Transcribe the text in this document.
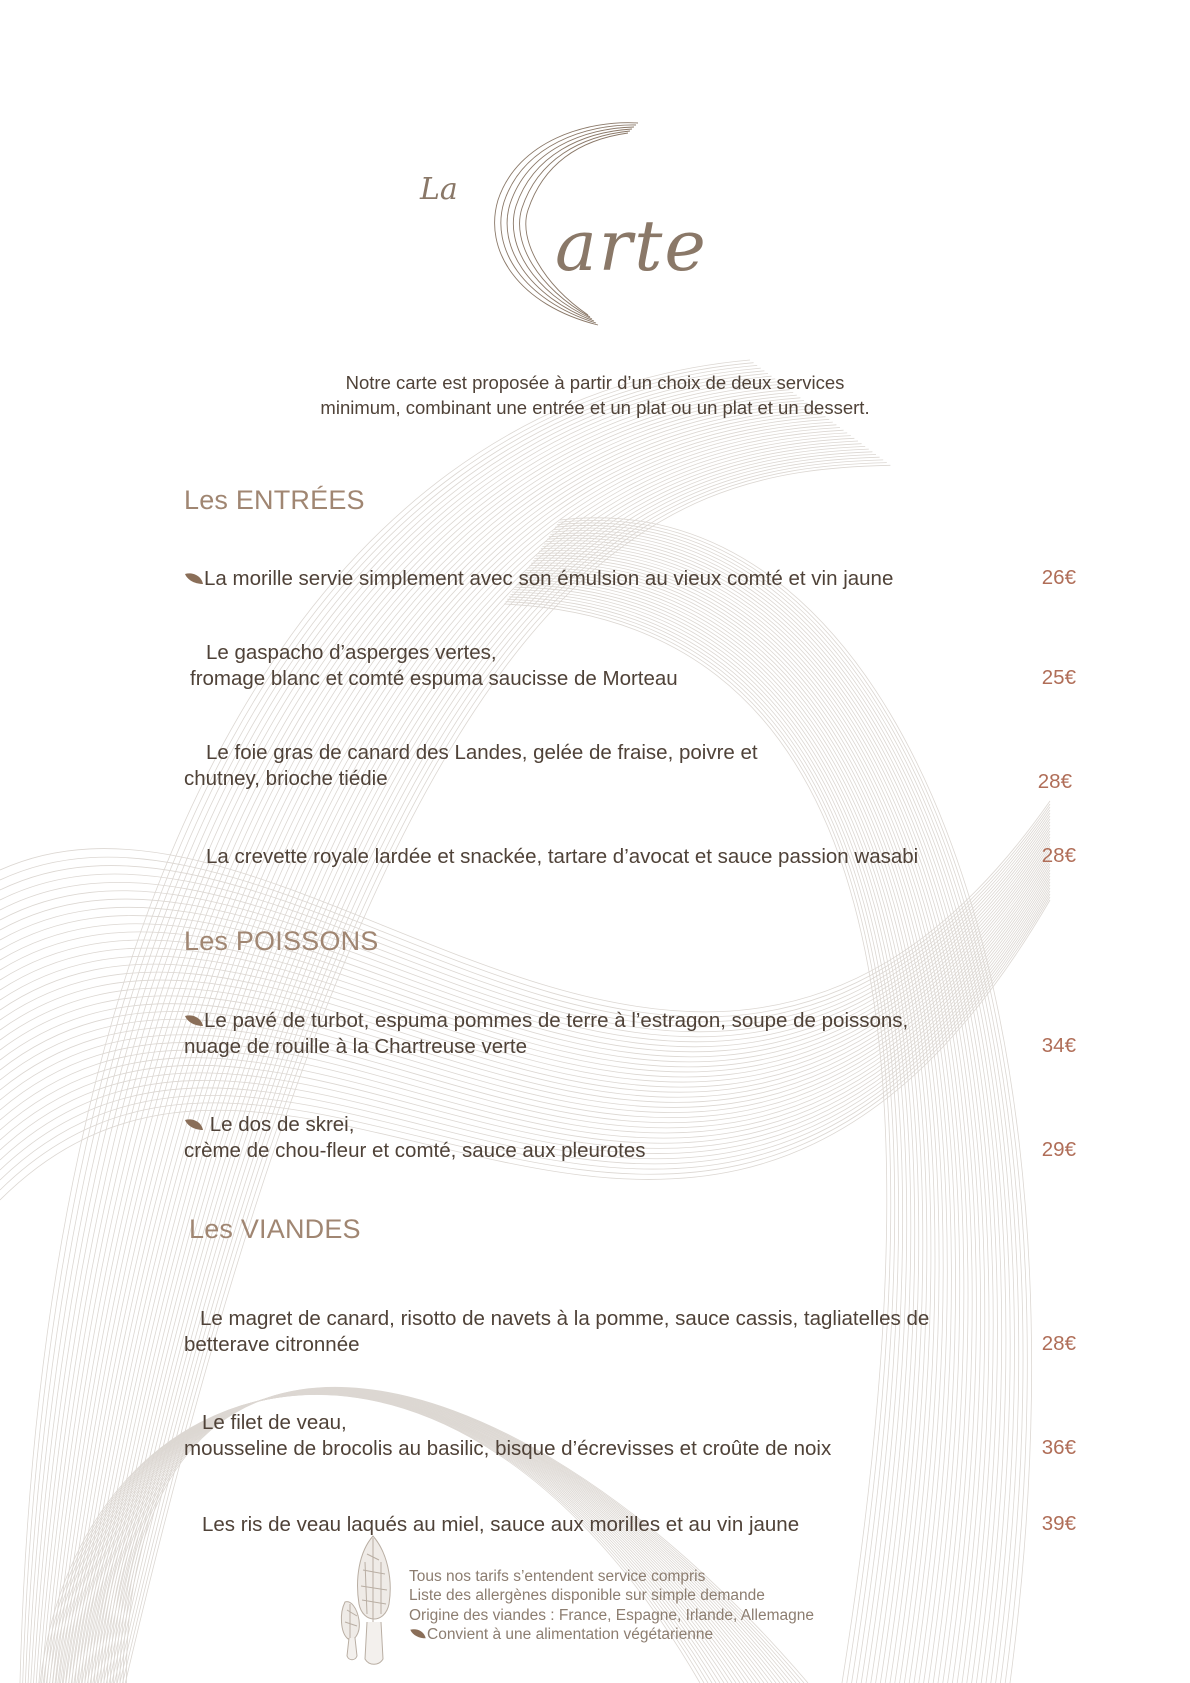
La
arte
Notre carte est proposée à partir d’un choix de deux services
minimum, combinant une entrée et un plat ou un plat et un dessert.
Les ENTRÉES
Les POISSONS
Les VIANDES
La morille servie simplement avec son émulsion au vieux comté et vin jaune	26€
Le gaspacho d’asperges vertes,
fromage blanc et comté espuma saucisse de Morteau	25€
Le foie gras de canard des Landes, gelée de fraise, poivre et
chutney, brioche tiédie	28€
La crevette royale lardée et snackée, tartare d’avocat et sauce passion wasabi	28€
Le pavé de turbot, espuma pommes de terre à l’estragon, soupe de poissons,
nuage de rouille à la Chartreuse verte	34€
Le dos de skrei,
crème de chou-fleur et comté, sauce aux pleurotes	29€
Le magret de canard, risotto de navets à la pomme, sauce cassis, tagliatelles de
betterave citronnée	28€
Le filet de veau,
mousseline de brocolis au basilic, bisque d’écrevisses et croûte de noix	36€
Les ris de veau laqués au miel, sauce aux morilles et au vin jaune	39€
Tous nos tarifs s’entendent service compris
Liste des allergènes disponible sur simple demande
Origine des viandes : France, Espagne, Irlande, Allemagne
Convient à une alimentation végétarienne
